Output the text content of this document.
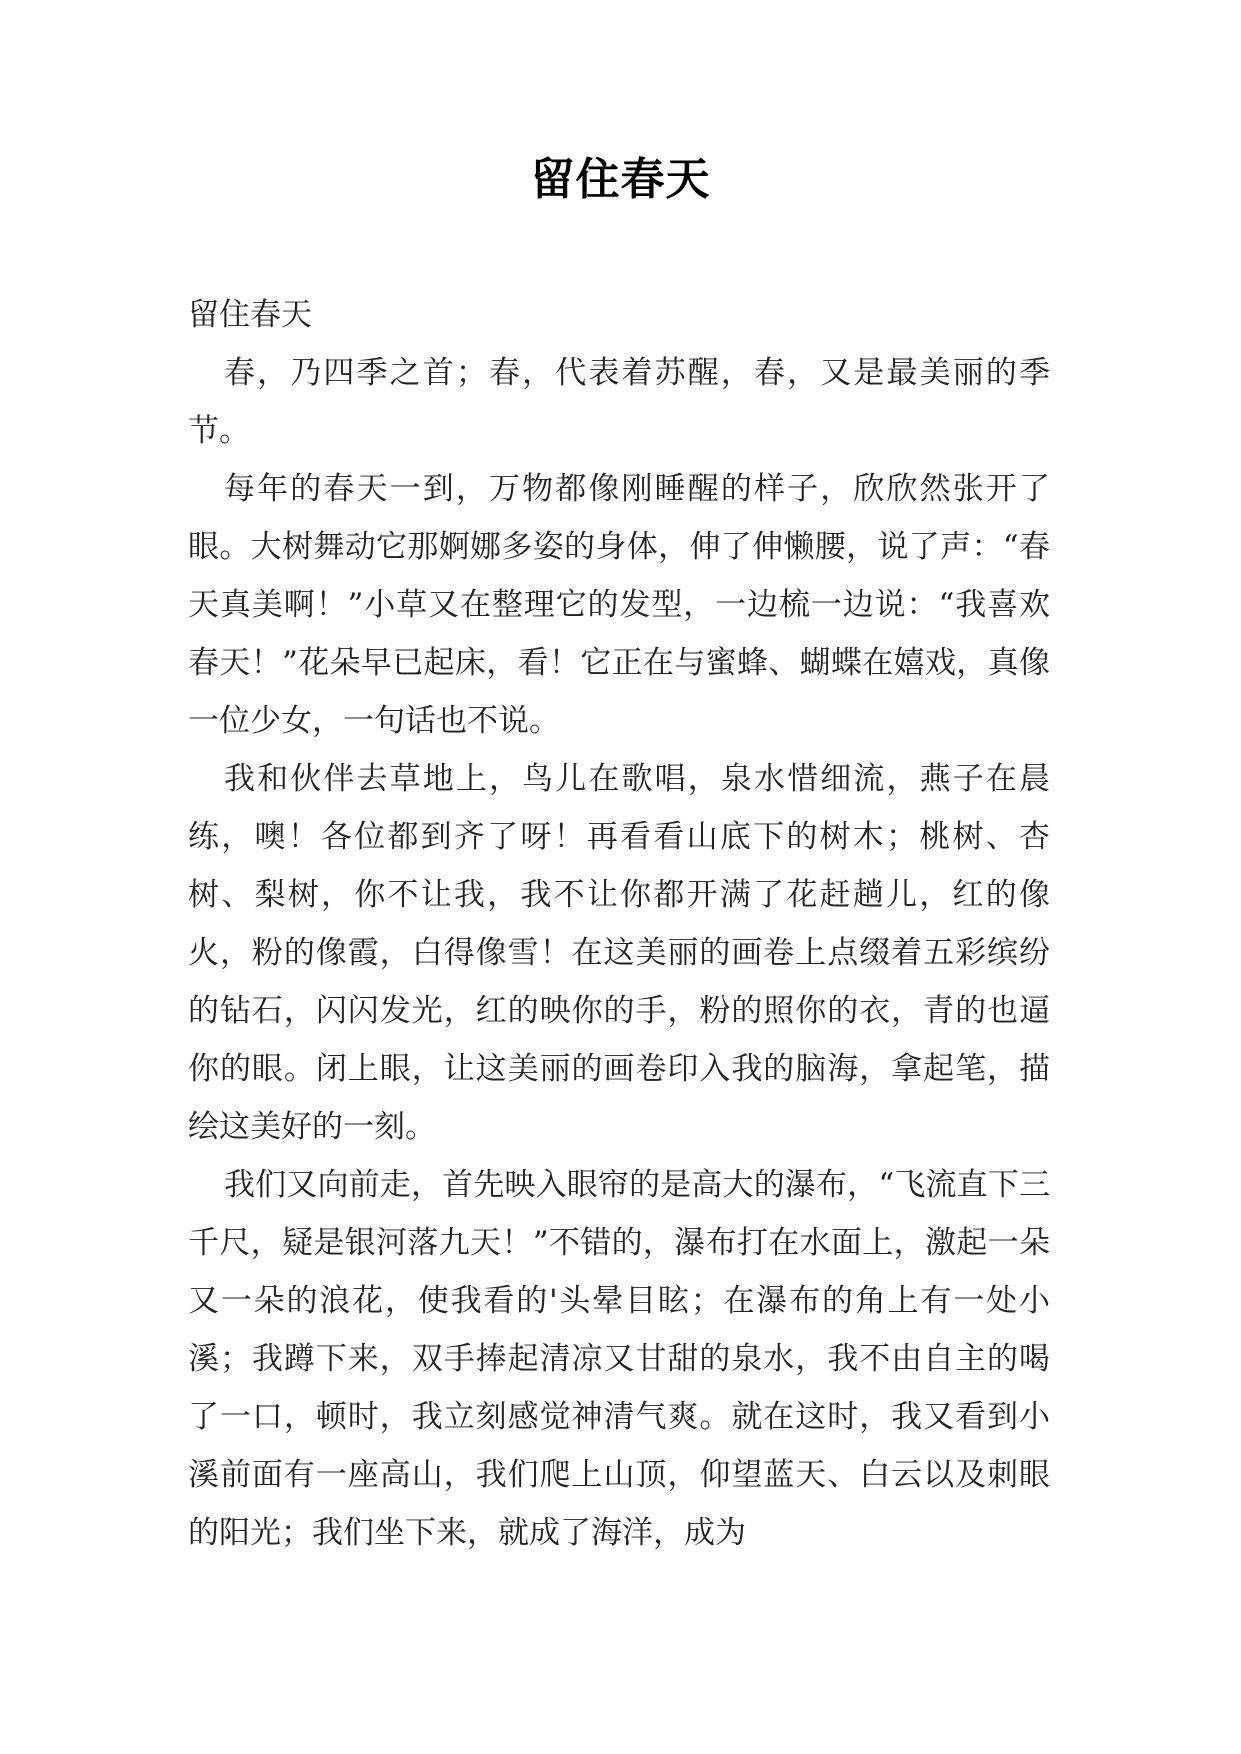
留住春天

留住春天

春，乃四季之首；春，代表着苏醒，春，又是最美丽的季节。

每年的春天一到，万物都像刚睡醒的样子，欣欣然张开了眼。大树舞动它那婀娜多姿的身体，伸了伸懒腰，说了声：“春天真美啊！”小草又在整理它的发型，一边梳一边说：“我喜欢春天！”花朵早已起床，看！它正在与蜜蜂、蝴蝶在嬉戏，真像一位少女，一句话也不说。

我和伙伴去草地上，鸟儿在歌唱，泉水惜细流，燕子在晨练，噢！各位都到齐了呀！再看看山底下的树木；桃树、杏树、梨树，你不让我，我不让你都开满了花赶趟儿，红的像火，粉的像霞，白得像雪！在这美丽的画卷上点缀着五彩缤纷的钻石，闪闪发光，红的映你的手，粉的照你的衣，青的也逼你的眼。闭上眼，让这美丽的画卷印入我的脑海，拿起笔，描绘这美好的一刻。

我们又向前走，首先映入眼帘的是高大的瀑布，“飞流直下三千尺，疑是银河落九天！”不错的，瀑布打在水面上，激起一朵又一朵的浪花，使我看的'头晕目眩；在瀑布的角上有一处小溪；我蹲下来，双手捧起清凉又甘甜的泉水，我不由自主的喝了一口，顿时，我立刻感觉神清气爽。就在这时，我又看到小溪前面有一座高山，我们爬上山顶，仰望蓝天、白云以及刺眼的阳光；我们坐下来，就成了海洋，成为
